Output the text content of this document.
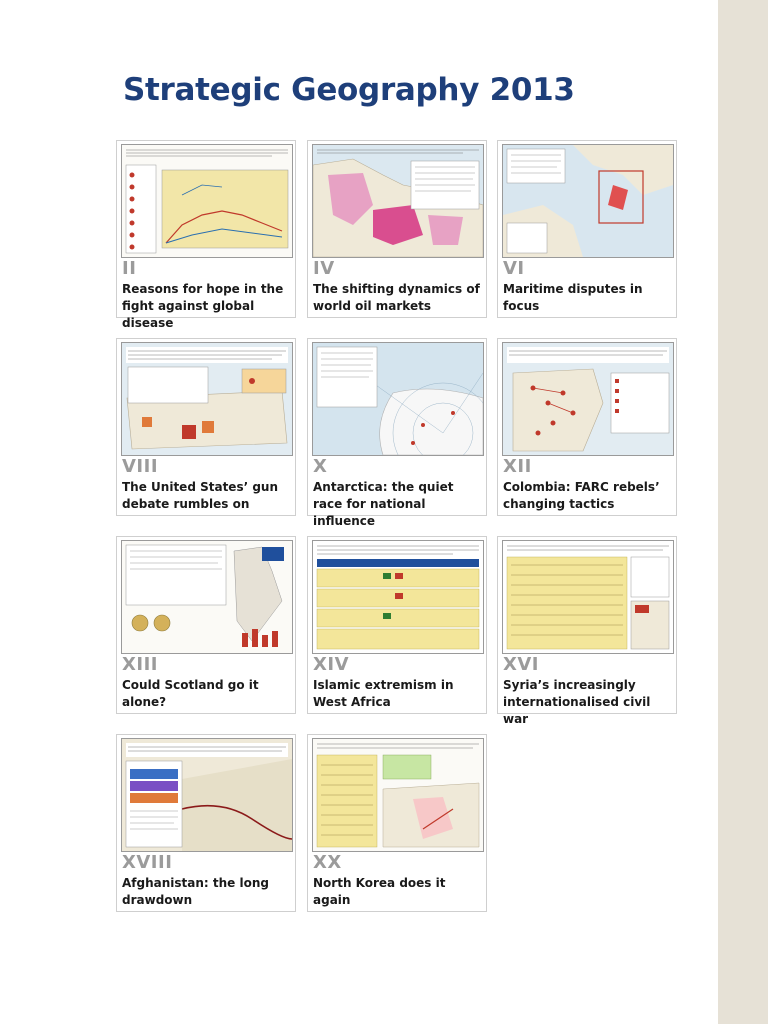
Strategic Geography 2013
II
Reasons for hope in the fight against global disease
IV
The shifting dynamics of world oil markets
VI
Maritime disputes in focus
VIII
The United States’ gun debate rumbles on
X
Antarctica: the quiet race for national influence
XII
Colombia: FARC rebels’ changing tactics
XIII
Could Scotland go it alone?
XIV
Islamic extremism in West Africa
XVI
Syria’s increasingly internationalised civil war
XVIII
Afghanistan: the long drawdown
XX
North Korea does it again
